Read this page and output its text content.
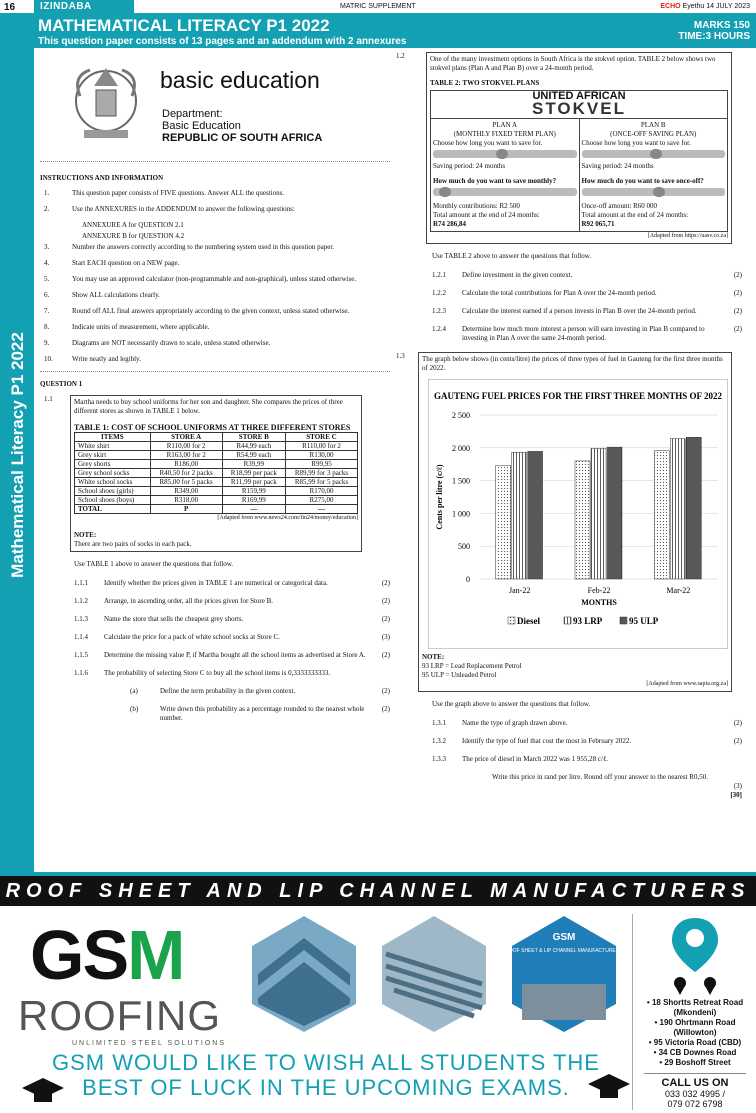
16	IZINDABA	MATRIC SUPPLEMENT	ECHO Eyethu 14 JULY 2023
Mathematical Literacy P1 2022
MATHEMATICAL LITERACY P1 2022
This question paper consists of 13 pages and an addendum with 2 annexures
MARKS 150
TIME:3 HOURS
basic education
Department:
Basic Education
REPUBLIC OF SOUTH AFRICA
INSTRUCTIONS AND INFORMATION
1.	This question paper consists of FIVE questions. Answer ALL the questions.
2.	Use the ANNEXURES in the ADDENDUM to answer the following questions:
ANNEXURE A for QUESTION 2.1
ANNEXURE B for QUESTION 4.2
3.	Number the answers correctly according to the numbering system used in this question paper.
4.	Start EACH question on a NEW page.
5.	You may use an approved calculator (non-programmable and non-graphical), unless stated otherwise.
6.	Show ALL calculations clearly.
7.	Round off ALL final answers appropriately according to the given context, unless stated otherwise.
8.	Indicate units of measurement, where applicable.
9.	Diagrams are NOT necessarily drawn to scale, unless stated otherwise.
10.	Write neatly and legibly.
QUESTION 1
1.1	Martha needs to buy school uniforms for her son and daughter. She compares the prices of three different stores as shown in TABLE 1 below.
TABLE 1: COST OF SCHOOL UNIFORMS AT THREE DIFFERENT STORES
ITEMS	STORE A	STORE B	STORE C
White shirt	R110,00 for 2	R44,99 each	R110,00 for 2
Grey skirt	R163,00 for 2	R54,99 each	R130,00
Grey shorts	R186,00	R39,99	R99,95
Grey school socks	R40,50 for 2 packs	R18,99 per pack	R89,99 for 3 packs
White school socks	R85,00 for 5 packs	R11,99 per pack	R85,99 for 5 packs
School shoes (girls)	R349,00	R159,99	R170,00
School shoes (boys)	R318,00	R169,99	R275,00
TOTAL	P	—	—
[Adapted from www.news24.com/fin24/money/education]
NOTE:
There are two pairs of socks in each pack.
Use TABLE 1 above to answer the questions that follow.
1.1.1	Identify whether the prices given in TABLE 1 are numerical or categorical data.	(2)
1.1.2	Arrange, in ascending order, all the prices given for Store B.	(2)
1.1.3	Name the store that sells the cheapest grey shorts.	(2)
1.1.4	Calculate the price for a pack of white school socks at Store C.	(3)
1.1.5	Determine the missing value P, if Martha bought all the school items as advertised at Store A.	(2)
1.1.6	The probability of selecting Store C to buy all the school items is 0,3333333333.
(a)	Define the term probability in the given context.	(2)
(b)	Write down this probability as a percentage rounded to the nearest whole number.
(2)
1.2	One of the many investment options in South Africa is the stokvel option. TABLE 2 below shows two stokvel plans (Plan A and Plan B) over a 24-month period.
TABLE 2: TWO STOKVEL PLANS
UNITED AFRICAN
STOKVEL
PLAN A
(MONTHLY FIXED TERM PLAN)
Choose how long you want to save for.
Saving period: 24 months
How much do you want to save monthly?
Monthly contributions: R2 500
Total amount at the end of 24 months:
R74 286,84
PLAN B
(ONCE-OFF SAVING PLAN)
Choose how long you want to save for.
Saving period: 24 months
How much do you want to save once-off?
Once-off amount: R60 000
Total amount at the end of 24 months:
R92 065,71
[Adapted from https://uasv.co.za]
Use TABLE 2 above to answer the questions that follow.
1.2.1	Define investment in the given context.	(2)
1.2.2	Calculate the total contributions for Plan A over the 24-month period.	(2)
1.2.3	Calculate the interest earned if a person invests in Plan B over the 24-month period.	(2)
1.2.4	Determine how much more interest a person will earn investing in Plan B compared to investing in Plan A over the same 24-month period.
(2)
1.3	The graph below shows (in cents/litre) the prices of three types of fuel in Gauteng for the first three months of 2022.
GAUTENG FUEL PRICES FOR THE FIRST THREE MONTHS OF 2022
0
500
1 000
1 500
2 000
2 500
Cents per litre (c/ℓ)
Jan-22	Feb-22	Mar-22
MONTHS
Diesel	93 LRP	95 ULP
NOTE:
93 LRP = Lead Replacement Petrol
95 ULP = Unleaded Petrol
[Adapted from www.sapia.org.za]
Use the graph above to answer the questions that follow.
1.3.1	Name the type of graph drawn above.	(2)
1.3.2	Identify the type of fuel that cost the most in February 2022.	(2)
1.3.3	The price of diesel in March 2022 was 1 955,28 c/ℓ.
Write this price in rand per litre. Round off your answer to the nearest R0,50.
(3)
[30]
ROOF SHEET AND LIP CHANNEL MANUFACTURERS
GSM
ROOFING
UNLIMITED STEEL SOLUTIONS
GSM
ROOF SHEET & LIP CHANNEL MANUFACTURERS
• 18 Shortts Retreat Road
(Mkondeni)
• 190 Ohrtmann Road
(Willowton)
• 95 Victoria Road (CBD)
• 34 CB Downes Road
• 29 Boshoff Street
CALL US ON
033 032 4995 /
079 072 6798
GSM WOULD LIKE TO WISH ALL STUDENTS THE
BEST OF LUCK IN THE UPCOMING EXAMS.
